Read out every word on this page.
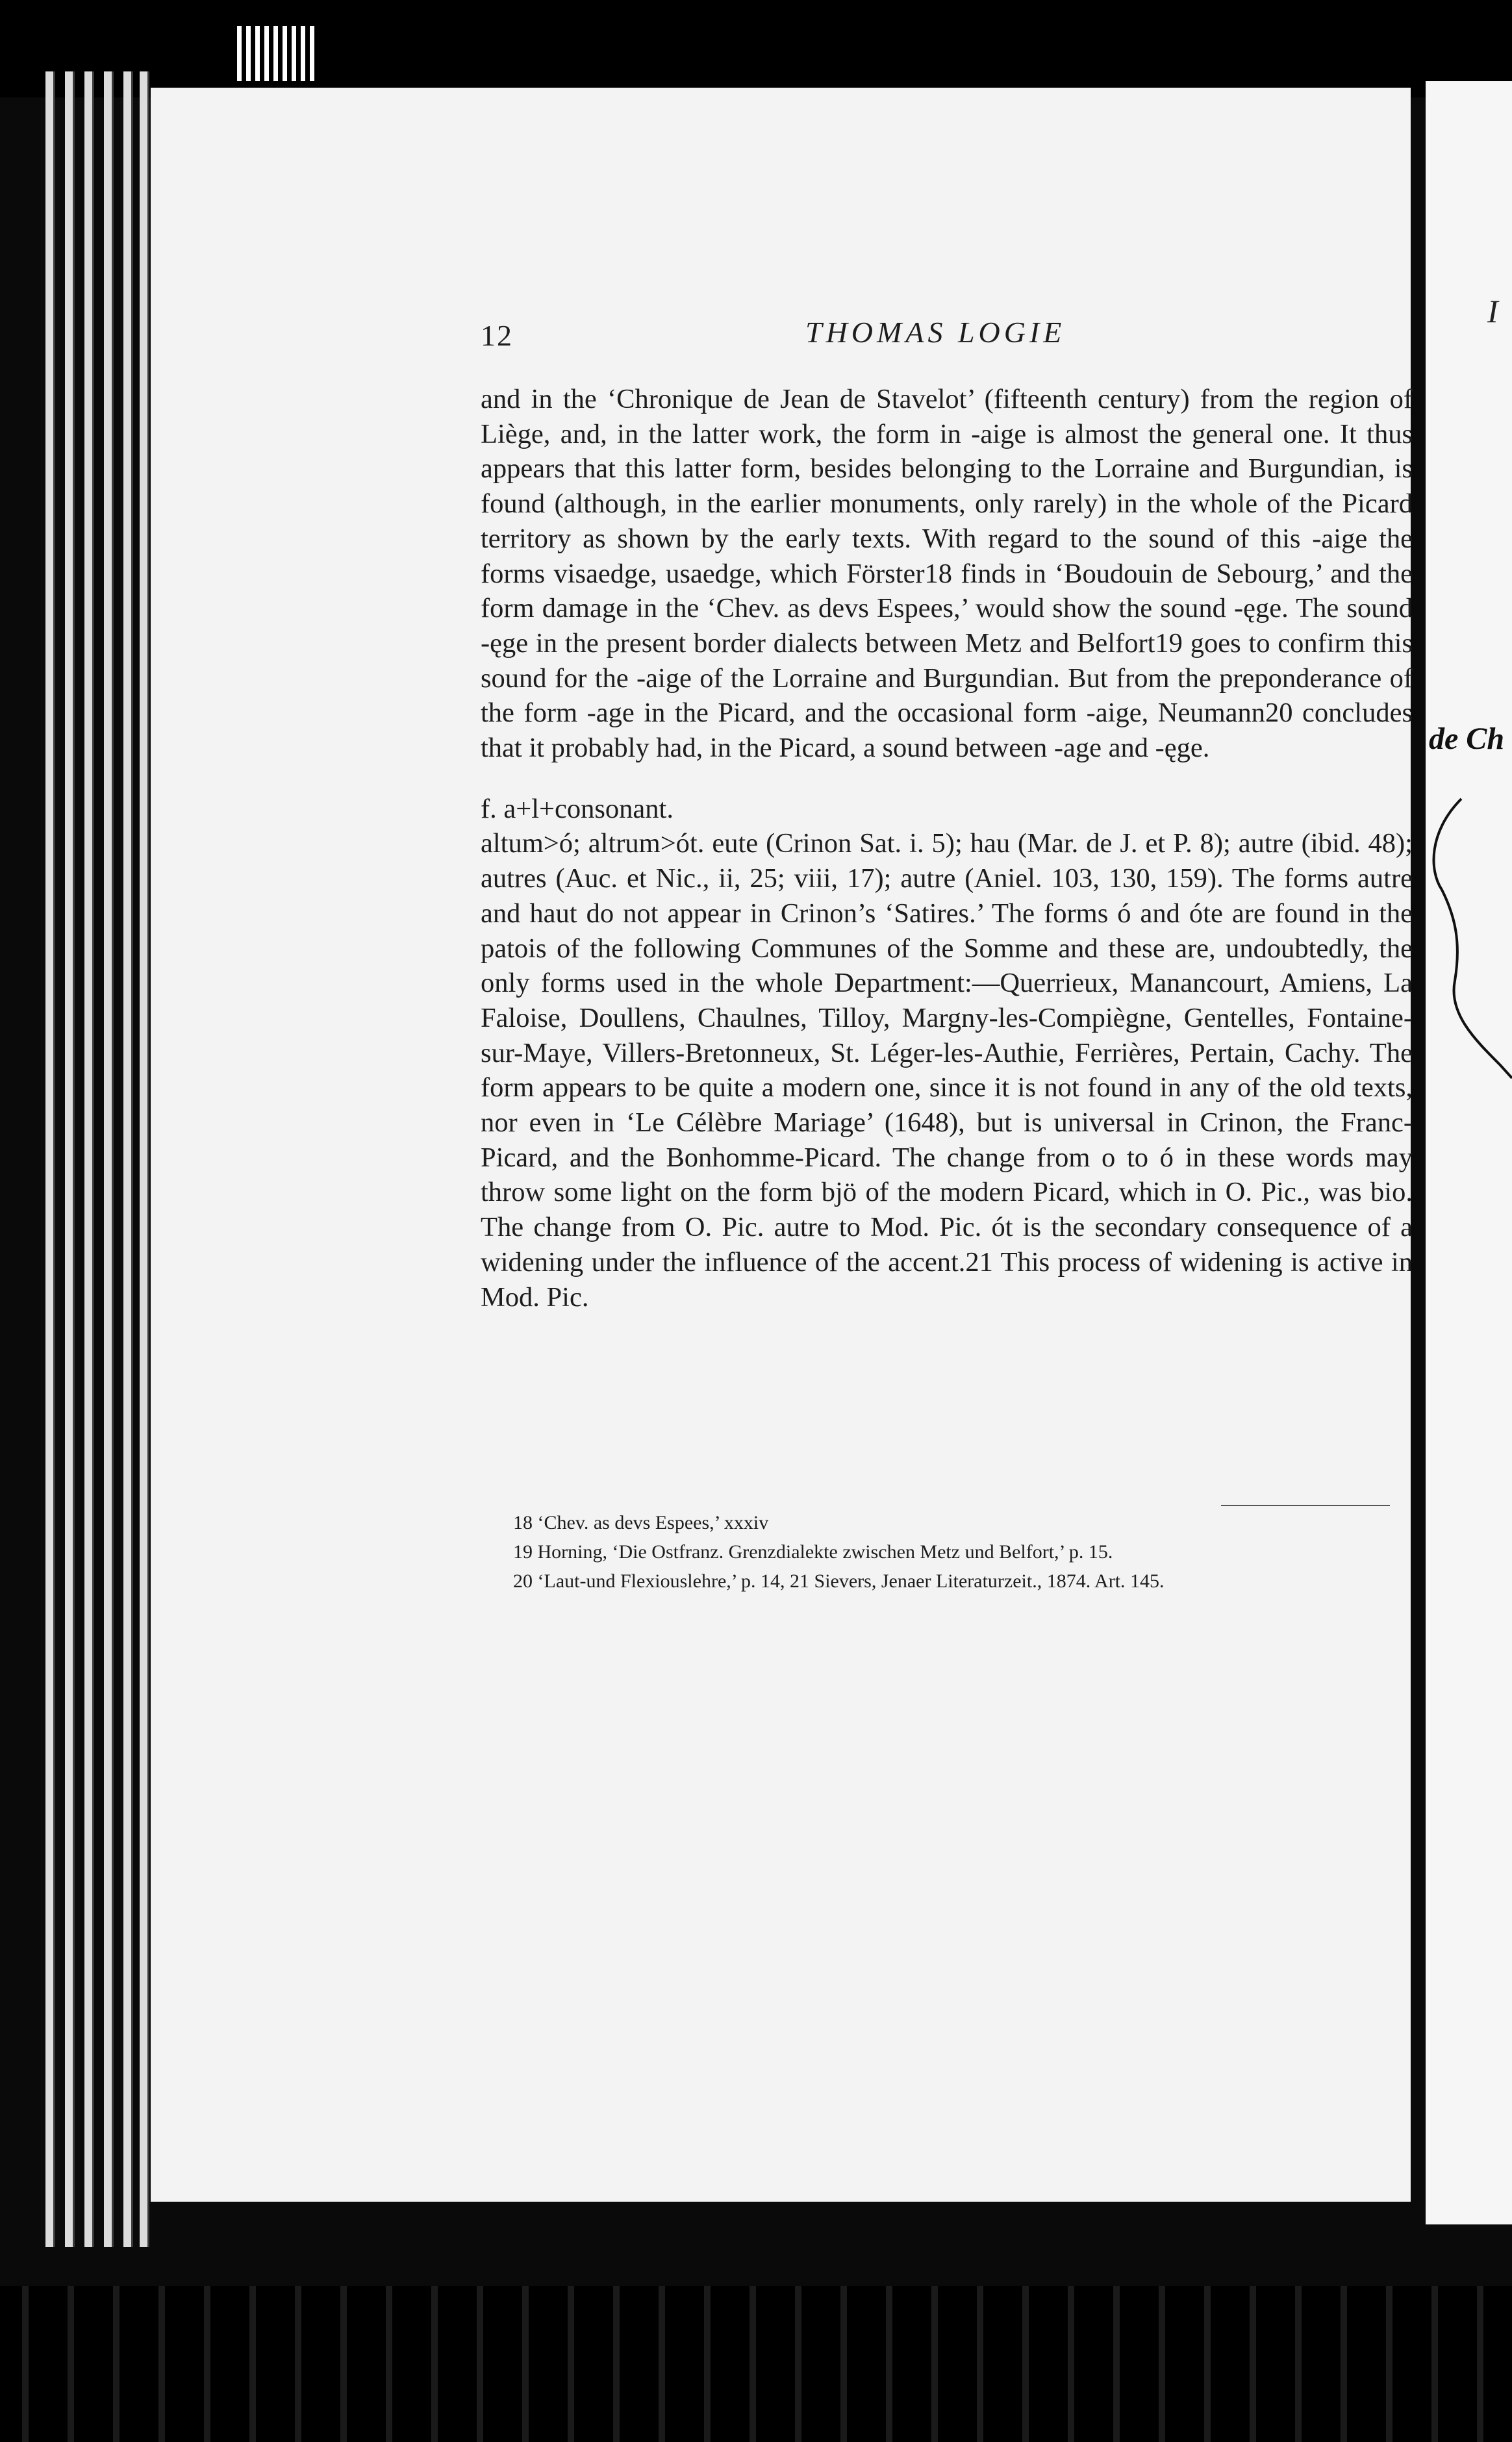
I
de Ch
12	THOMAS LOGIE

and in the ‘Chronique de Jean de Stavelot’ (fifteenth century) from the region of Liège, and, in the latter work, the form in -aige is almost the general one. It thus appears that this latter form, besides belonging to the Lorraine and Burgundian, is found (although, in the earlier monuments, only rarely) in the whole of the Picard territory as shown by the early texts. With regard to the sound of this -aige the forms visaedge, usaedge, which Förster18 finds in ‘Boudouin de Sebourg,’ and the form damage in the ‘Chev. as devs Espees,’ would show the sound -ęge. The sound -ęge in the present border dialects between Metz and Belfort19 goes to confirm this sound for the -aige of the Lorraine and Burgundian. But from the preponderance of the form -age in the Picard, and the occasional form -aige, Neumann20 concludes that it probably had, in the Picard, a sound between -age and -ęge.

f. a+l+consonant.

altum>ó; altrum>ót. eute (Crinon Sat. i. 5); hau (Mar. de J. et P. 8); autre (ibid. 48); autres (Auc. et Nic., ii, 25; viii, 17); autre (Aniel. 103, 130, 159). The forms autre and haut do not appear in Crinon’s ‘Satires.’ The forms ó and óte are found in the patois of the following Communes of the Somme and these are, undoubtedly, the only forms used in the whole Department:—Querrieux, Manancourt, Amiens, La Faloise, Doullens, Chaulnes, Tilloy, Margny-les-Compiègne, Gentelles, Fontaine-sur-Maye, Villers-Bretonneux, St. Léger-les-Authie, Ferrières, Pertain, Cachy. The form appears to be quite a modern one, since it is not found in any of the old texts, nor even in ‘Le Célèbre Mariage’ (1648), but is universal in Crinon, the Franc-Picard, and the Bonhomme-Picard. The change from o to ó in these words may throw some light on the form bjö of the modern Picard, which in O. Pic., was bio. The change from O. Pic. autre to Mod. Pic. ót is the secondary consequence of a widening under the influence of the accent.21 This process of widening is active in Mod. Pic.

18 ‘Chev. as devs Espees,’ xxxiv
19 Horning, ‘Die Ostfranz. Grenzdialekte zwischen Metz und Belfort,’ p. 15.
20 ‘Laut-und Flexiouslehre,’ p. 14, 21 Sievers, Jenaer Literaturzeit., 1874. Art. 145.
